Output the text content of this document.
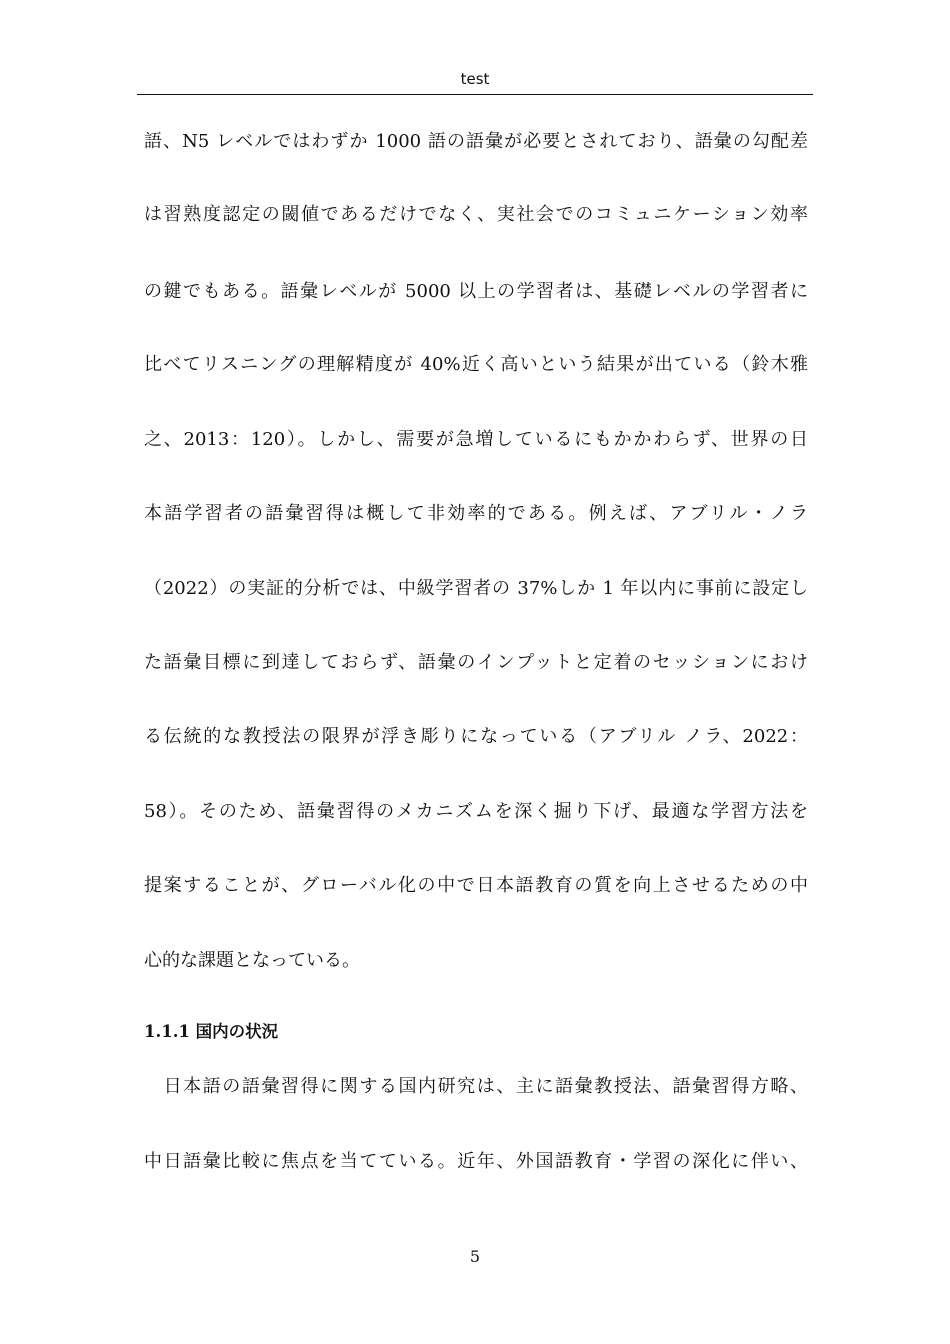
test
語、N5 レベルではわずか 1000 語の語彙が必要とされており、語彙の勾配差
は習熟度認定の閾値であるだけでなく、実社会でのコミュニケーション効率
の鍵でもある。語彙レベルが 5000 以上の学習者は、基礎レベルの学習者に
比べてリスニングの理解精度が 40%近く高いという結果が出ている（鈴木雅
之、2013：120）。しかし、需要が急増しているにもかかわらず、世界の日
本語学習者の語彙習得は概して非効率的である。例えば、アブリル・ノラ
（2022）の実証的分析では、中級学習者の 37%しか 1 年以内に事前に設定し
た語彙目標に到達しておらず、語彙のインプットと定着のセッションにおけ
る伝統的な教授法の限界が浮き彫りになっている（アブリル ノラ、2022：
58）。そのため、語彙習得のメカニズムを深く掘り下げ、最適な学習方法を
提案することが、グローバル化の中で日本語教育の質を向上させるための中
心的な課題となっている。
1.1.1 国内の状況
　日本語の語彙習得に関する国内研究は、主に語彙教授法、語彙習得方略、
中日語彙比較に焦点を当てている。近年、外国語教育・学習の深化に伴い、
5
